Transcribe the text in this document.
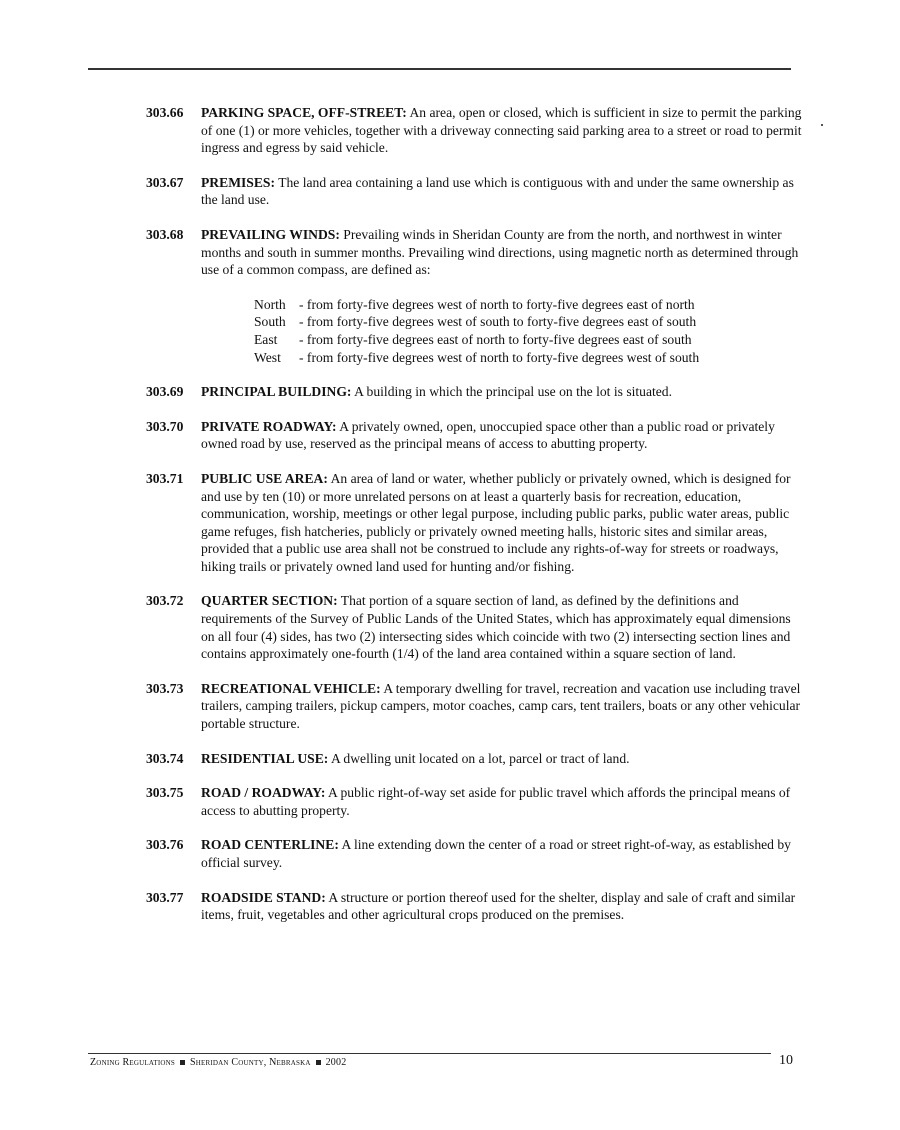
303.66	PARKING SPACE, OFF-STREET: An area, open or closed, which is sufficient in size to permit the parking of one (1) or more vehicles, together with a driveway connecting said parking area to a street or road to permit ingress and egress by said vehicle.
303.67	PREMISES: The land area containing a land use which is contiguous with and under the same ownership as the land use.
303.68	PREVAILING WINDS: Prevailing winds in Sheridan County are from the north, and northwest in winter months and south in summer months. Prevailing wind directions, using magnetic north as determined through use of a common compass, are defined as:
North - from forty-five degrees west of north to forty-five degrees east of north
South - from forty-five degrees west of south to forty-five degrees east of south
East	- from forty-five degrees east of north to forty-five degrees east of south
West	- from forty-five degrees west of north to forty-five degrees west of south
303.69	PRINCIPAL BUILDING: A building in which the principal use on the lot is situated.
303.70	PRIVATE ROADWAY: A privately owned, open, unoccupied space other than a public road or privately owned road by use, reserved as the principal means of access to abutting property.
303.71	PUBLIC USE AREA: An area of land or water, whether publicly or privately owned, which is designed for and use by ten (10) or more unrelated persons on at least a quarterly basis for recreation, education, communication, worship, meetings or other legal purpose, including public parks, public water areas, public game refuges, fish hatcheries, publicly or privately owned meeting halls, historic sites and similar areas, provided that a public use area shall not be construed to include any rights-of-way for streets or roadways, hiking trails or privately owned land used for hunting and/or fishing.
303.72	QUARTER SECTION: That portion of a square section of land, as defined by the definitions and requirements of the Survey of Public Lands of the United States, which has approximately equal dimensions on all four (4) sides, has two (2) intersecting sides which coincide with two (2) intersecting section lines and contains approximately one-fourth (1/4) of the land area contained within a square section of land.
303.73	RECREATIONAL VEHICLE: A temporary dwelling for travel, recreation and vacation use including travel trailers, camping trailers, pickup campers, motor coaches, camp cars, tent trailers, boats or any other vehicular portable structure.
303.74	RESIDENTIAL USE: A dwelling unit located on a lot, parcel or tract of land.
303.75	ROAD / ROADWAY: A public right-of-way set aside for public travel which affords the principal means of access to abutting property.
303.76	ROAD CENTERLINE: A line extending down the center of a road or street right-of-way, as established by official survey.
303.77	ROADSIDE STAND: A structure or portion thereof used for the shelter, display and sale of craft and similar items, fruit, vegetables and other agricultural crops produced on the premises.
Zoning Regulations Sheridan County, Nebraska 2002	10
